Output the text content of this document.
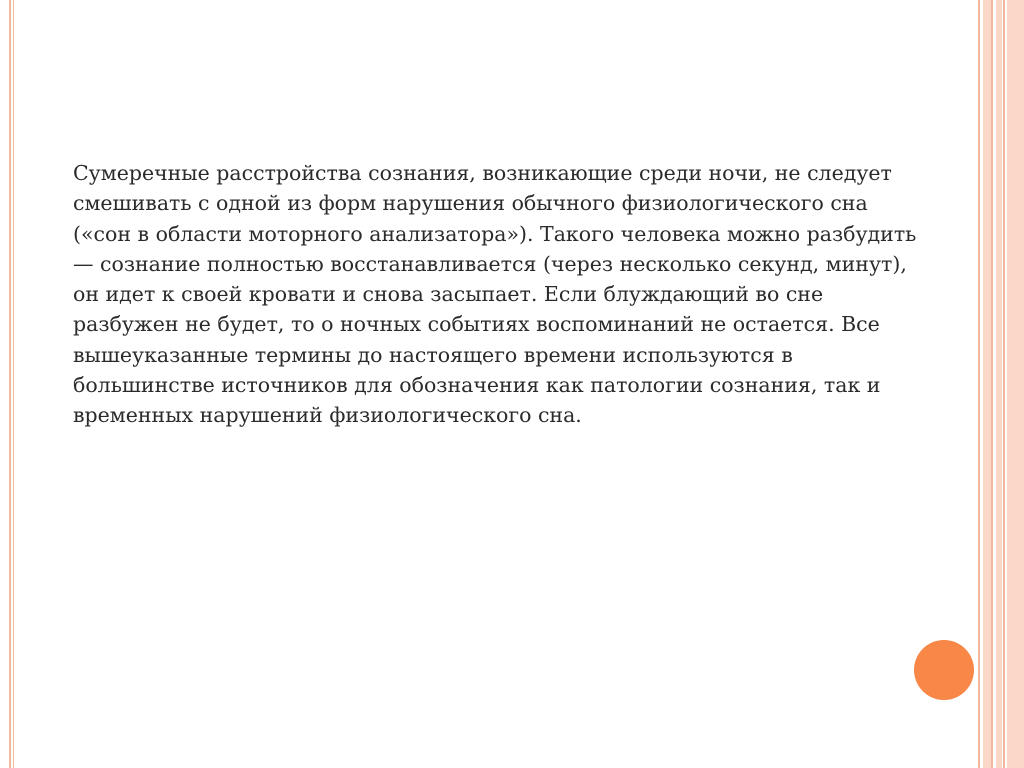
Сумеречные расстройства сознания, возникающие среди ночи, не следует смешивать с одной из форм нарушения обычного физиологического сна («сон в области моторного анализатора»). Такого человека можно разбудить — сознание полностью восстанавливается (через несколько секунд, минут), он идет к своей кровати и снова засыпает. Если блуждающий во сне разбужен не будет, то о ночных событиях воспоминаний не остается. Все вышеуказанные термины до настоящего времени используются в большинстве источников для обозначения как патологии сознания, так и временных нарушений физиологического сна.
